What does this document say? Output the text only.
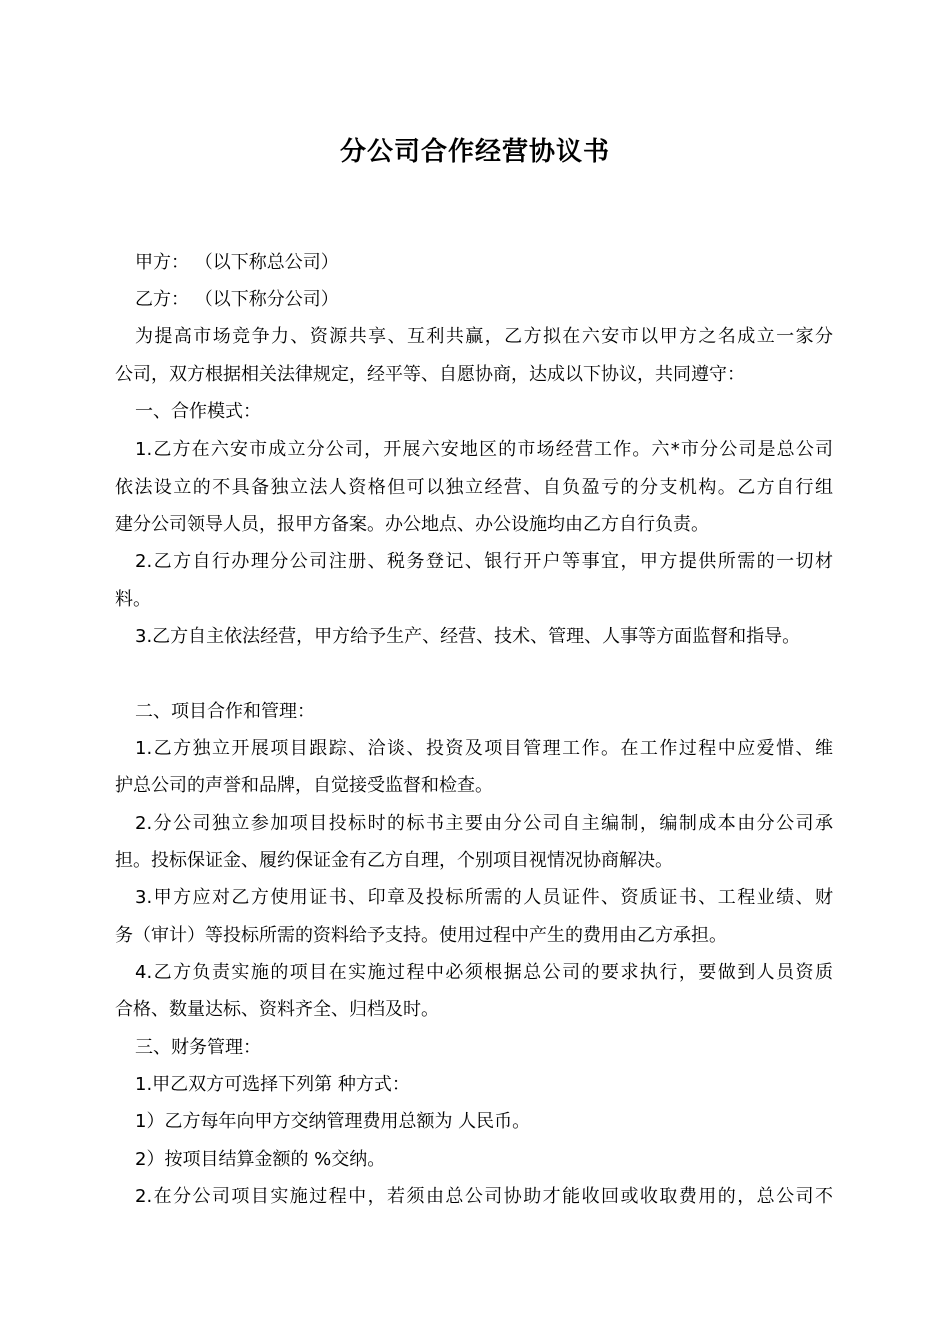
分公司合作经营协议书
甲方： （以下称总公司）
乙方： （以下称分公司）
为提高市场竞争力、资源共享、互利共赢，乙方拟在六安市以甲方之名成立一家分
公司，双方根据相关法律规定，经平等、自愿协商，达成以下协议，共同遵守：
一、合作模式：
1.乙方在六安市成立分公司，开展六安地区的市场经营工作。六*市分公司是总公司
依法设立的不具备独立法人资格但可以独立经营、自负盈亏的分支机构。乙方自行组
建分公司领导人员，报甲方备案。办公地点、办公设施均由乙方自行负责。
2.乙方自行办理分公司注册、税务登记、银行开户等事宜，甲方提供所需的一切材
料。
3.乙方自主依法经营，甲方给予生产、经营、技术、管理、人事等方面监督和指导。
二、项目合作和管理：
1.乙方独立开展项目跟踪、洽谈、投资及项目管理工作。在工作过程中应爱惜、维
护总公司的声誉和品牌，自觉接受监督和检查。
2.分公司独立参加项目投标时的标书主要由分公司自主编制，编制成本由分公司承
担。投标保证金、履约保证金有乙方自理，个别项目视情况协商解决。
3.甲方应对乙方使用证书、印章及投标所需的人员证件、资质证书、工程业绩、财
务（审计）等投标所需的资料给予支持。使用过程中产生的费用由乙方承担。
4.乙方负责实施的项目在实施过程中必须根据总公司的要求执行，要做到人员资质
合格、数量达标、资料齐全、归档及时。
三、财务管理：
1.甲乙双方可选择下列第 种方式：
1）乙方每年向甲方交纳管理费用总额为 人民币。
2）按项目结算金额的 %交纳。
2.在分公司项目实施过程中，若须由总公司协助才能收回或收取费用的，总公司不
